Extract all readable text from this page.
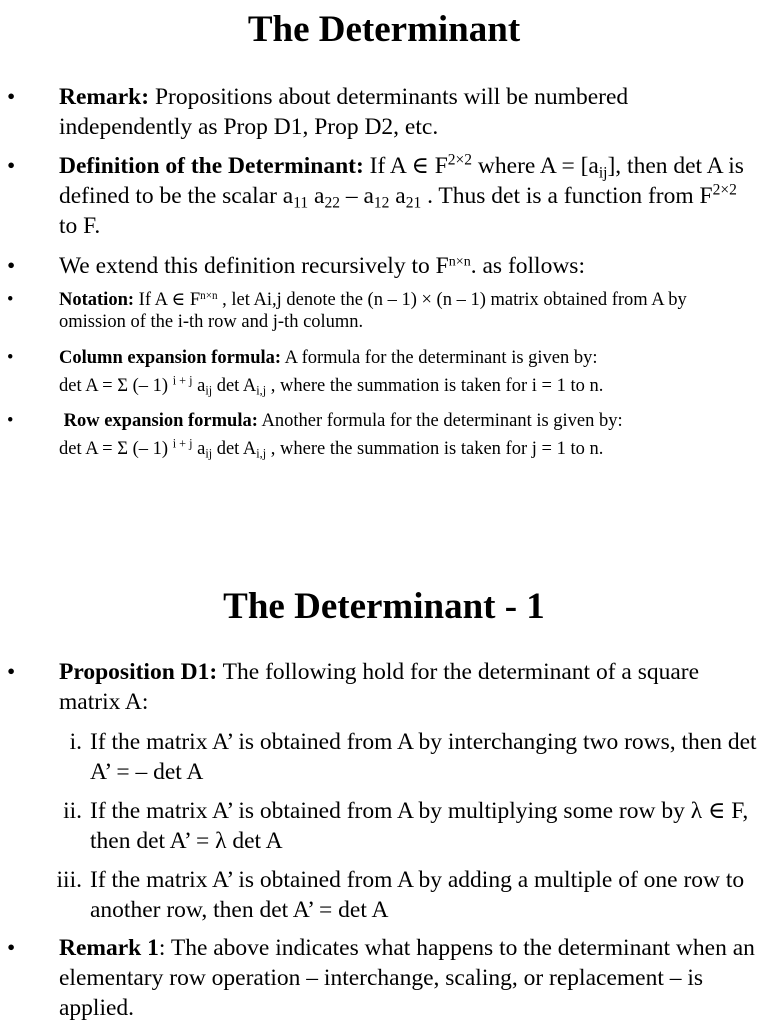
The Determinant

• Remark: Propositions about determinants will be numbered independently as Prop D1, Prop D2, etc.

• Definition of the Determinant: If A ∈ $F^{2\times 2}$ where $A = [a_{ij}]$, then det A is defined to be the scalar $a_{11}$ $a_{22} - a_{12}$ $a_{21}$ . Thus det is a function from $F^{2\times 2}$ to F.

• We extend this definition recursively to $F^{n\times n}$. as follows:

• Notation: If A ∈ $F^{n\times n}$ , let Ai,j denote the (n – 1) × (n – 1) matrix obtained from A by omission of the i-th row and j-th column.

• Column expansion formula: A formula for the determinant is given by:
det A = Σ (– 1) $^{i + j}$ $a_{ij}$ $\det A_{i,j}$ , where the summation is taken for i = 1 to n.

•	Row expansion formula: Another formula for the determinant is given by:
det A = Σ (– 1) $^{i + j}$ $a_{ij}$ $\det A_{i,j}$ , where the summation is taken for j = 1 to n.

The Determinant - 1

• Proposition D1: The following hold for the determinant of a square matrix A:

i. If the matrix A’ is obtained from A by interchanging two rows, then det A’ = – det A

ii. If the matrix A’ is obtained from A by multiplying some row by λ ∈ F, then det A’ = λ det A

iii. If the matrix A’ is obtained from A by adding a multiple of one row to another row, then det A’ = det A

• Remark 1: The above indicates what happens to the determinant when an elementary row operation – interchange, scaling, or replacement – is applied.
